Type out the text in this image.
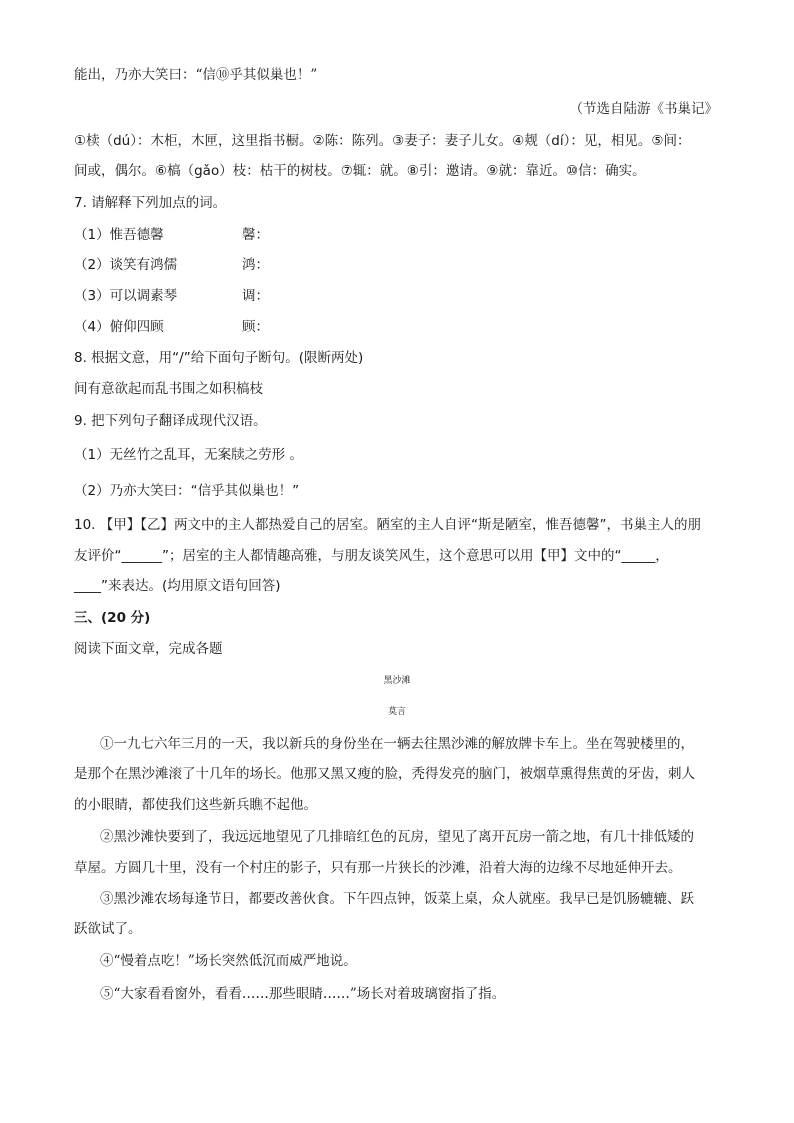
能出，乃亦大笑曰：“信⑩乎其似巢也！”
（节选自陆游《书巢记》
①椟（dú）：木柜，木匣，这里指书橱。②陈：陈列。③妻子：妻子儿女。④觌（dí）：见，相见。⑤间：
间或，偶尔。⑥槁（gǎo）枝：枯干的树枝。⑦辄：就。⑧引：邀请。⑨就：靠近。⑩信：确实。
7. 请解释下列加点的词。
（1）惟吾德馨	馨：
（2）谈笑有鸿儒	鸿：
（3）可以调素琴	调：
（4）俯仰四顾	顾：
8. 根据文意，用“/”给下面句子断句。(限断两处)
间有意欲起而乱书围之如积槁枝
9. 把下列句子翻译成现代汉语。
（1）无丝竹之乱耳，无案牍之劳形 。
（2）乃亦大笑曰：“信乎其似巢也！”
10. 【甲】【乙】两文中的主人都热爱自己的居室。陋室的主人自评“斯是陋室，惟吾德馨”，书巢主人的朋
友评价“______”；居室的主人都情趣高雅，与朋友谈笑风生，这个意思可以用【甲】文中的“_____，
____”来表达。(均用原文语句回答)
三、(20 分)
阅读下面文章，完成各题
黑沙滩
莫言
①一九七六年三月的一天，我以新兵的身份坐在一辆去往黑沙滩的解放牌卡车上。坐在驾驶楼里的，
是那个在黑沙滩滚了十几年的场长。他那又黑又瘦的脸，秃得发亮的脑门，被烟草熏得焦黄的牙齿，刺人
的小眼睛，都使我们这些新兵瞧不起他。
②黑沙滩快要到了，我远远地望见了几排暗红色的瓦房，望见了离开瓦房一箭之地，有几十排低矮的
草屋。方圆几十里，没有一个村庄的影子，只有那一片狭长的沙滩，沿着大海的边缘不尽地延伸开去。
③黑沙滩农场每逢节日，都要改善伙食。下午四点钟，饭菜上桌，众人就座。我早已是饥肠辘辘、跃
跃欲试了。
④“慢着点吃！”场长突然低沉而威严地说。
⑤“大家看看窗外，看看……那些眼睛……”场长对着玻璃窗指了指。
